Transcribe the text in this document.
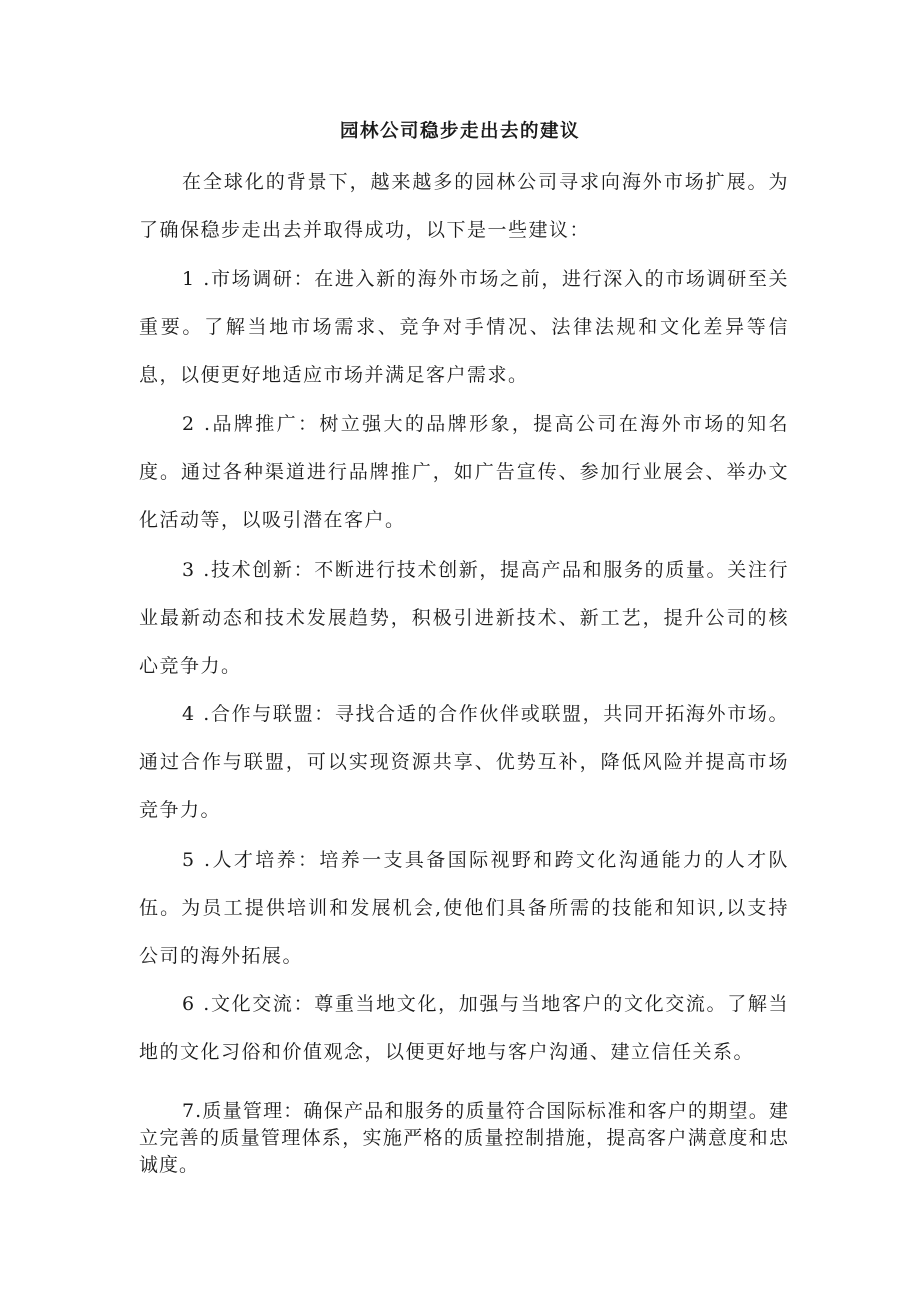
园林公司稳步走出去的建议

在全球化的背景下，越来越多的园林公司寻求向海外市场扩展。为了确保稳步走出去并取得成功，以下是一些建议：

1 .市场调研：在进入新的海外市场之前，进行深入的市场调研至关重要。了解当地市场需求、竞争对手情况、法律法规和文化差异等信息，以便更好地适应市场并满足客户需求。

2 .品牌推广：树立强大的品牌形象，提高公司在海外市场的知名度。通过各种渠道进行品牌推广，如广告宣传、参加行业展会、举办文化活动等，以吸引潜在客户。

3 .技术创新：不断进行技术创新，提高产品和服务的质量。关注行业最新动态和技术发展趋势，积极引进新技术、新工艺，提升公司的核心竞争力。

4 .合作与联盟：寻找合适的合作伙伴或联盟，共同开拓海外市场。通过合作与联盟，可以实现资源共享、优势互补，降低风险并提高市场竞争力。

5 .人才培养：培养一支具备国际视野和跨文化沟通能力的人才队伍。为员工提供培训和发展机会,使他们具备所需的技能和知识,以支持公司的海外拓展。

6 .文化交流：尊重当地文化，加强与当地客户的文化交流。了解当地的文化习俗和价值观念，以便更好地与客户沟通、建立信任关系。

7.质量管理：确保产品和服务的质量符合国际标准和客户的期望。建立完善的质量管理体系，实施严格的质量控制措施，提高客户满意度和忠诚度。
